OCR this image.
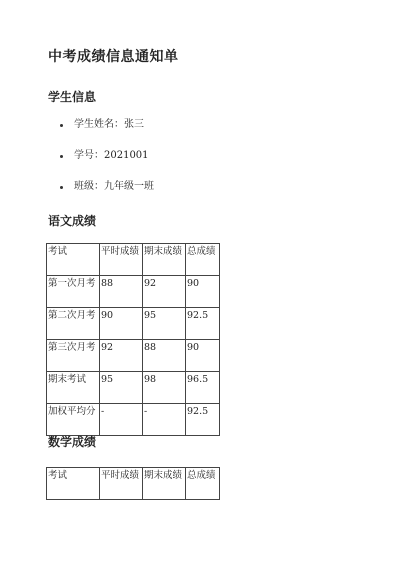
中考成绩信息通知单
学生信息
学生姓名：张三
学号：2021001
班级：九年级一班
语文成绩
考试	平时成绩	期末成绩	总成绩
第一次月考	88	92	90
第二次月考	90	95	92.5
第三次月考	92	88	90
期末考试	95	98	96.5
加权平均分	-	-	92.5
数学成绩
考试	平时成绩	期末成绩	总成绩
